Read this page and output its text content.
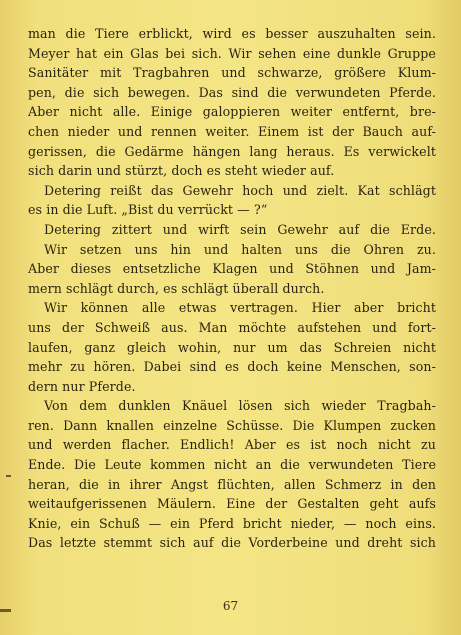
man die Tiere erblickt, wird es besser auszuhalten sein.
Meyer hat ein Glas bei sich. Wir sehen eine dunkle Gruppe
Sanitäter mit Tragbahren und schwarze, größere Klum-
pen, die sich bewegen. Das sind die verwundeten Pferde.
Aber nicht alle. Einige galoppieren weiter entfernt, bre-
chen nieder und rennen weiter. Einem ist der Bauch auf-
gerissen, die Gedärme hängen lang heraus. Es verwickelt
sich darin und stürzt, doch es steht wieder auf.
Detering reißt das Gewehr hoch und zielt. Kat schlägt
es in die Luft. „Bist du verrückt — ?“
Detering zittert und wirft sein Gewehr auf die Erde.
Wir setzen uns hin und halten uns die Ohren zu.
Aber dieses entsetzliche Klagen und Stöhnen und Jam-
mern schlägt durch, es schlägt überall durch.
Wir können alle etwas vertragen. Hier aber bricht
uns der Schweiß aus. Man möchte aufstehen und fort-
laufen, ganz gleich wohin, nur um das Schreien nicht
mehr zu hören. Dabei sind es doch keine Menschen, son-
dern nur Pferde.
Von dem dunklen Knäuel lösen sich wieder Tragbah-
ren. Dann knallen einzelne Schüsse. Die Klumpen zucken
und werden flacher. Endlich! Aber es ist noch nicht zu
Ende. Die Leute kommen nicht an die verwundeten Tiere
heran, die in ihrer Angst flüchten, allen Schmerz in den
weitaufgerissenen Mäulern. Eine der Gestalten geht aufs
Knie, ein Schuß — ein Pferd bricht nieder, — noch eins.
Das letzte stemmt sich auf die Vorderbeine und dreht sich
67
